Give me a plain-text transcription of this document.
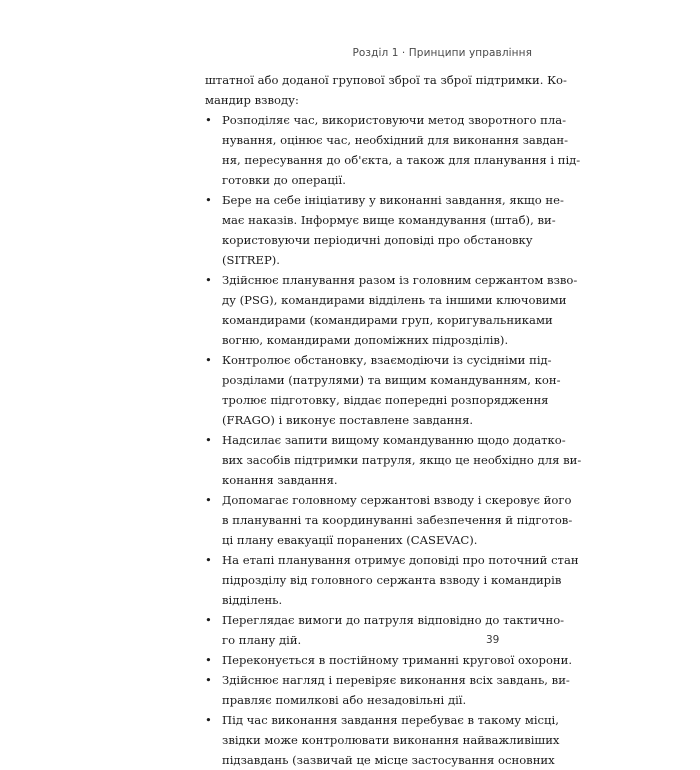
Розділ 1 · Принципи управління
штатної або доданої групової зброї та зброї підтримки. Ко-
мандир взводу:
• Розподіляє час, використовуючи метод зворотного пла-
нування, оцінює час, необхідний для виконання завдан-
ня, пересування до об'єкта, а також для планування і під-
готовки до операції.
• Бере на себе ініціативу у виконанні завдання, якщо не-
має наказів. Інформує вище командування (штаб), ви-
користовуючи періодичні доповіді про обстановку
(SITREP).
• Здійснює планування разом із головним сержантом взво-
ду (PSG), командирами відділень та іншими ключовими
командирами (командирами груп, коригувальниками
вогню, командирами допоміжних підрозділів).
• Контролює обстановку, взаємодіючи із сусідніми під-
розділами (патрулями) та вищим командуванням, кон-
тролює підготовку, віддає попередні розпорядження
(FRAGO) і виконує поставлене завдання.
• Надсилає запити вищому командуванню щодо додатко-
вих засобів підтримки патруля, якщо це необхідно для ви-
конання завдання.
• Допомагає головному сержантові взводу і скеровує його
в плануванні та координуванні забезпечення й підготов-
ці плану евакуації поранених (CASEVAC).
• На етапі планування отримує доповіді про поточний стан
підрозділу від головного сержанта взводу і командирів
відділень.
• Переглядає вимоги до патруля відповідно до тактично-
го плану дій.
• Переконується в постійному триманні кругової охорони.
• Здійснює нагляд і перевіряє виконання всіх завдань, ви-
правляє помилкові або незадовільні дії.
• Під час виконання завдання перебуває в такому місці,
звідки може контролювати виконання найважливіших
підзавдань (зазвичай це місце застосування основних
39
